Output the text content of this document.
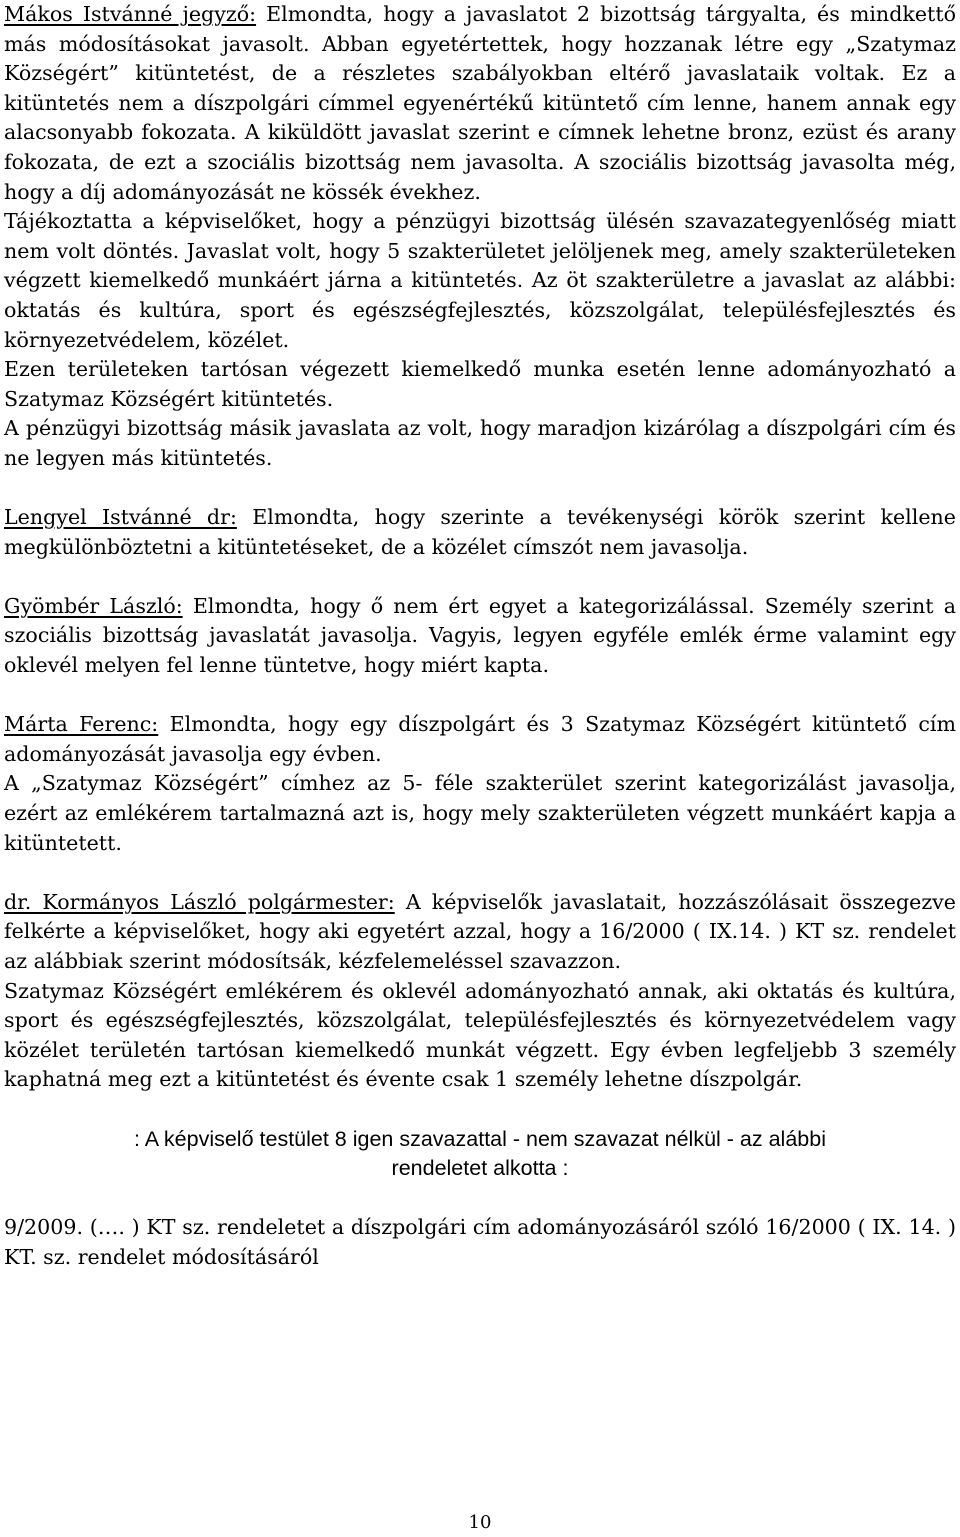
Mákos Istvánné jegyző: Elmondta, hogy a javaslatot 2 bizottság tárgyalta, és mindkettő más módosításokat javasolt. Abban egyetértettek, hogy hozzanak létre egy „Szatymaz Községért” kitüntetést, de a részletes szabályokban eltérő javaslataik voltak. Ez a kitüntetés nem a díszpolgári címmel egyenértékű kitüntető cím lenne, hanem annak egy alacsonyabb fokozata. A kiküldött javaslat szerint e címnek lehetne bronz, ezüst és arany fokozata, de ezt a szociális bizottság nem javasolta. A szociális bizottság javasolta még, hogy a díj adományozását ne kössék évekhez.

Tájékoztatta a képviselőket, hogy a pénzügyi bizottság ülésén szavazategyenlőség miatt nem volt döntés. Javaslat volt, hogy 5 szakterületet jelöljenek meg, amely szakterületeken végzett kiemelkedő munkáért járna a kitüntetés. Az öt szakterületre a javaslat az alábbi: oktatás és kultúra, sport és egészségfejlesztés, közszolgálat, településfejlesztés és környezetvédelem, közélet.

Ezen területeken tartósan végezett kiemelkedő munka esetén lenne adományozható a Szatymaz Községért kitüntetés.

A pénzügyi bizottság másik javaslata az volt, hogy maradjon kizárólag a díszpolgári cím és ne legyen más kitüntetés.

Lengyel Istvánné dr: Elmondta, hogy szerinte a tevékenységi körök szerint kellene megkülönböztetni a kitüntetéseket, de a közélet címszót nem javasolja.

Gyömbér László: Elmondta, hogy ő nem ért egyet a kategorizálással. Személy szerint a szociális bizottság javaslatát javasolja. Vagyis, legyen egyféle emlék érme valamint egy oklevél melyen fel lenne tüntetve, hogy miért kapta.

Márta Ferenc: Elmondta, hogy egy díszpolgárt és 3 Szatymaz Községért kitüntető cím adományozását javasolja egy évben.

A „Szatymaz Községért” címhez az 5- féle szakterület szerint kategorizálást javasolja, ezért az emlékérem tartalmazná azt is, hogy mely szakterületen végzett munkáért kapja a kitüntetett.

dr. Kormányos László polgármester: A képviselők javaslatait, hozzászólásait összegezve felkérte a képviselőket, hogy aki egyetért azzal, hogy a 16/2000 ( IX.14. ) KT sz. rendelet az alábbiak szerint módosítsák, kézfelemeléssel szavazzon.

Szatymaz Községért emlékérem és oklevél adományozható annak, aki oktatás és kultúra, sport és egészségfejlesztés, közszolgálat, településfejlesztés és környezetvédelem vagy közélet területén tartósan kiemelkedő munkát végzett. Egy évben legfeljebb 3 személy kaphatná meg ezt a kitüntetést és évente csak 1 személy lehetne díszpolgár.

: A képviselő testület 8 igen szavazattal - nem szavazat nélkül - az alábbi

rendeletet alkotta :

9/2009. (…. ) KT sz. rendeletet a díszpolgári cím adományozásáról szóló 16/2000 ( IX. 14. ) KT. sz. rendelet módosításáról

10
